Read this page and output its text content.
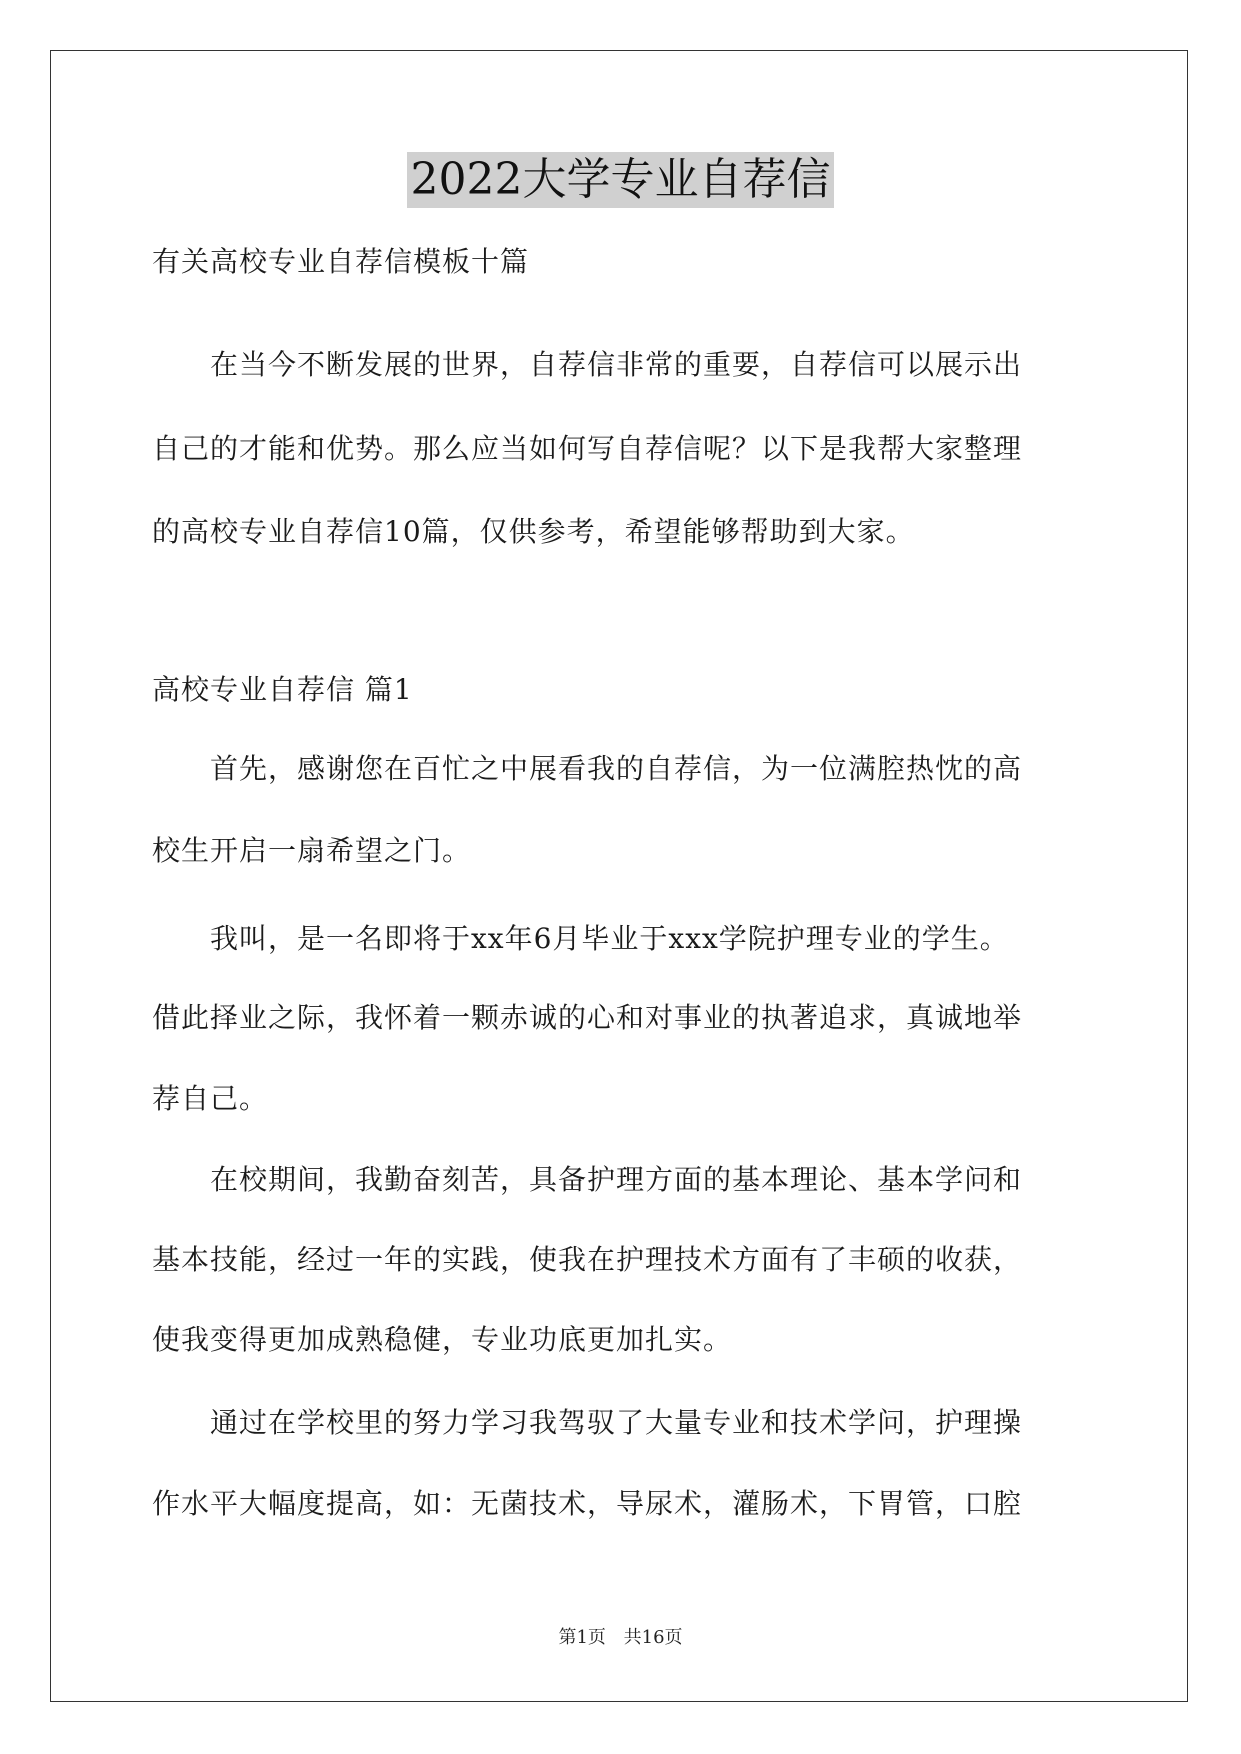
2022大学专业自荐信
有关高校专业自荐信模板十篇
　　在当今不断发展的世界，自荐信非常的重要，自荐信可以展示出
自己的才能和优势。那么应当如何写自荐信呢？以下是我帮大家整理
的高校专业自荐信10篇，仅供参考，希望能够帮助到大家。
高校专业自荐信 篇1
　　首先，感谢您在百忙之中展看我的自荐信，为一位满腔热忱的高
校生开启一扇希望之门。
　　我叫，是一名即将于xx年6月毕业于xxx学院护理专业的学生。
借此择业之际，我怀着一颗赤诚的心和对事业的执著追求，真诚地举
荐自己。
　　在校期间，我勤奋刻苦，具备护理方面的基本理论、基本学问和
基本技能，经过一年的实践，使我在护理技术方面有了丰硕的收获，
使我变得更加成熟稳健，专业功底更加扎实。
　　通过在学校里的努力学习我驾驭了大量专业和技术学问，护理操
作水平大幅度提高，如：无菌技术，导尿术，灌肠术，下胃管，口腔
第1页 共16页
